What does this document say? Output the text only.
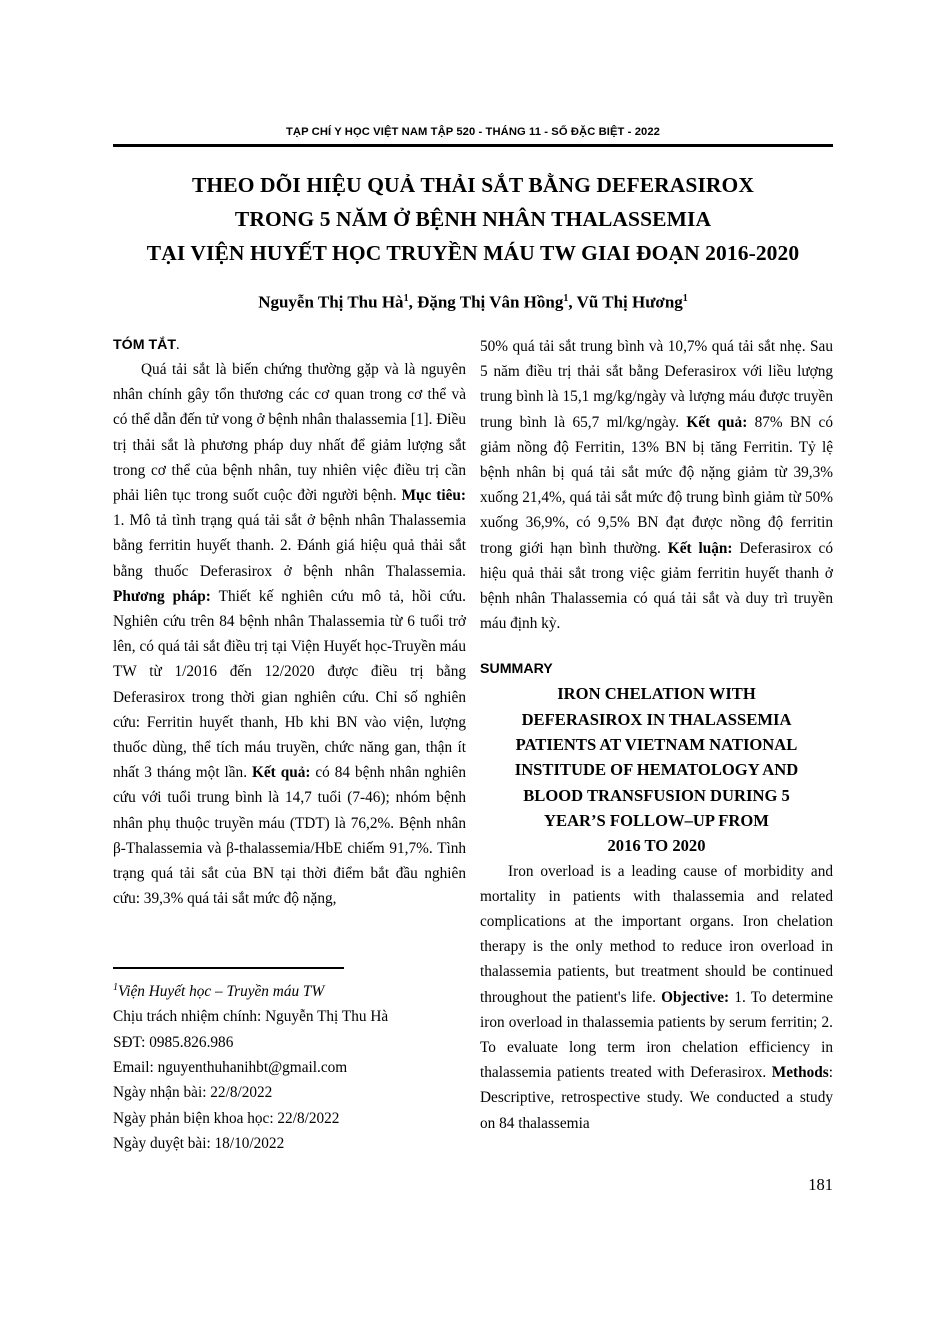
TẠP CHÍ Y HỌC VIỆT NAM TẬP 520 - THÁNG 11 - SỐ ĐẶC BIỆT - 2022
THEO DÕI HIỆU QUẢ THẢI SẮT BẰNG DEFERASIROX
TRONG 5 NĂM Ở BỆNH NHÂN THALASSEMIA
TẠI VIỆN HUYẾT HỌC TRUYỀN MÁU TW GIAI ĐOẠN 2016-2020
Nguyễn Thị Thu $Hà^1$, Đặng Thị Vân Hồng$^1$, Vũ Thị Hương$^1$
TÓM TẮT.

Quá tải sắt là biến chứng thường gặp và là nguyên nhân chính gây tổn thương các cơ quan trong cơ thể và có thể dẫn đến tử vong ở bệnh nhân thalassemia [1]. Điều trị thải sắt là phương pháp duy nhất để giảm lượng sắt trong cơ thể của bệnh nhân, tuy nhiên việc điều trị cần phải liên tục trong suốt cuộc đời người bệnh. Mục tiêu: 1. Mô tả tình trạng quá tải sắt ở bệnh nhân Thalassemia bằng ferritin huyết thanh. 2. Đánh giá hiệu quả thải sắt bằng thuốc Deferasirox ở bệnh nhân Thalassemia. Phương pháp: Thiết kế nghiên cứu mô tả, hồi cứu. Nghiên cứu trên 84 bệnh nhân Thalassemia từ 6 tuổi trở lên, có quá tải sắt điều trị tại Viện Huyết học-Truyền máu TW từ 1/2016 đến 12/2020 được điều trị bằng Deferasirox trong thời gian nghiên cứu. Chỉ số nghiên cứu: Ferritin huyết thanh, Hb khi BN vào viện, lượng thuốc dùng, thể tích máu truyền, chức năng gan, thận ít nhất 3 tháng một lần. Kết quả: có 84 bệnh nhân nghiên cứu với tuổi trung bình là 14,7 tuổi (7-46); nhóm bệnh nhân phụ thuộc truyền máu (TDT) là 76,2%. Bệnh nhân β-Thalassemia và β-thalassemia/HbE chiếm 91,7%. Tình trạng quá tải sắt của BN tại thời điểm bắt đầu nghiên cứu: 39,3% quá tải sắt mức độ nặng,

50% quá tải sắt trung bình và 10,7% quá tải sắt nhẹ. Sau 5 năm điều trị thải sắt bằng Deferasirox với liều lượng trung bình là 15,1 mg/kg/ngày và lượng máu được truyền trung bình là 65,7 ml/kg/ngày. Kết quả: 87% BN có giảm nồng độ Ferritin, 13% BN bị tăng Ferritin. Tỷ lệ bệnh nhân bị quá tải sắt mức độ nặng giảm từ 39,3% xuống 21,4%, quá tải sắt mức độ trung bình giảm từ 50% xuống 36,9%, có 9,5% BN đạt được nồng độ ferritin trong giới hạn bình thường. Kết luận: Deferasirox có hiệu quả thải sắt trong việc giảm ferritin huyết thanh ở bệnh nhân Thalassemia có quá tải sắt và duy trì truyền máu định kỳ.

SUMMARY
IRON CHELATION WITH
DEFERASIROX IN THALASSEMIA
PATIENTS AT VIETNAM NATIONAL
INSTITUDE OF HEMATOLOGY AND
BLOOD TRANSFUSION DURING 5
YEAR’S FOLLOW–UP FROM
2016 TO 2020

Iron overload is a leading cause of morbidity and mortality in patients with thalassemia and related complications at the important organs. Iron chelation therapy is the only method to reduce iron overload in thalassemia patients, but treatment should be continued throughout the patient's life. Objective: 1. To determine iron overload in thalassemia patients by serum ferritin; 2. To evaluate long term iron chelation efficiency in thalassemia patients treated with Deferasirox. Methods: Descriptive, retrospective study. We conducted a study on 84 thalassemia

$^1$Viện Huyết học – Truyền máu TW
Chịu trách nhiệm chính: Nguyễn Thị Thu Hà
SĐT: 0985.826.986
Email: nguyenthuhanihbt@gmail.com
Ngày nhận bài: 22/8/2022
Ngày phản biện khoa học: 22/8/2022
Ngày duyệt bài: 18/10/2022
181
